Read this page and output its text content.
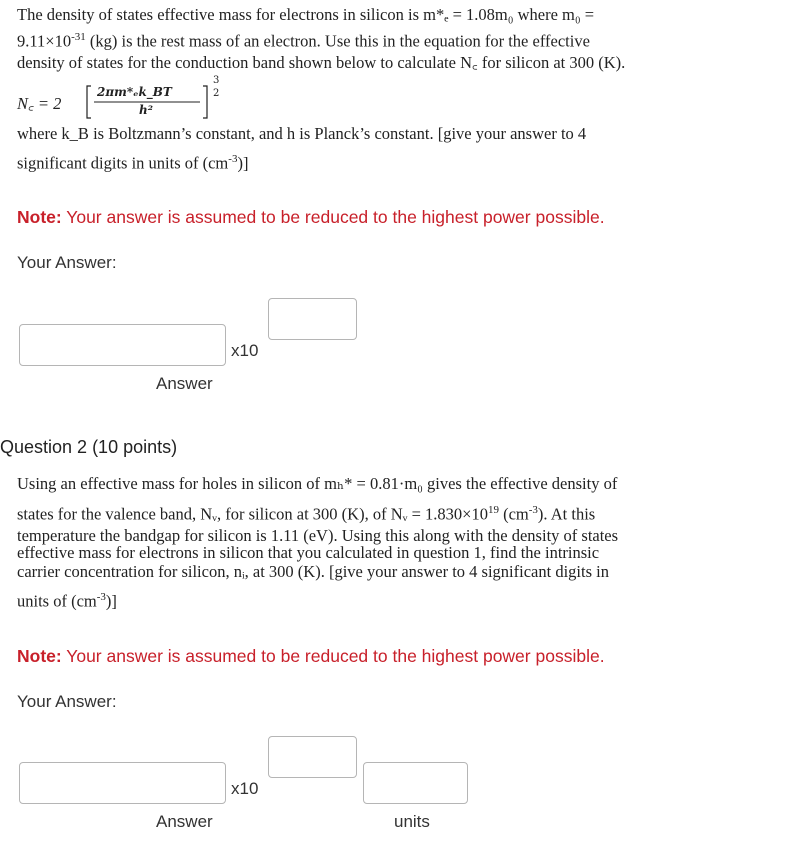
The density of states effective mass for electrons in silicon is m*ₑ = 1.08m₀ where m₀ =
$9.11\times 10^{-31}$ (kg) is the rest mass of an electron. Use this in the equation for the effective
density of states for the conduction band shown below to calculate N꜀ for silicon at 300 (K).
N꜀ = 2
2πm*ₑk_BT
h²
3
2
where k_B is Boltzmann’s constant, and h is Planck’s constant. [give your answer to 4
significant digits in units of $(cm^{-3})$]
Note: Your answer is assumed to be reduced to the highest power possible.
Your Answer:
x10
Answer
Question 2 (10 points)
Using an effective mass for holes in silicon of mₕ* = 0.81·m₀ gives the effective density of
states for the valence band, Nᵥ, for silicon at 300 (K), of Nᵥ = $1.830\times 10^{19}$ $(cm^{-3})$. At this
temperature the bandgap for silicon is 1.11 (eV). Using this along with the density of states
effective mass for electrons in silicon that you calculated in question 1, find the intrinsic
carrier concentration for silicon, nᵢ, at 300 (K). [give your answer to 4 significant digits in
units of $(cm^{-3})$]
Note: Your answer is assumed to be reduced to the highest power possible.
Your Answer:
x10
Answer	units
